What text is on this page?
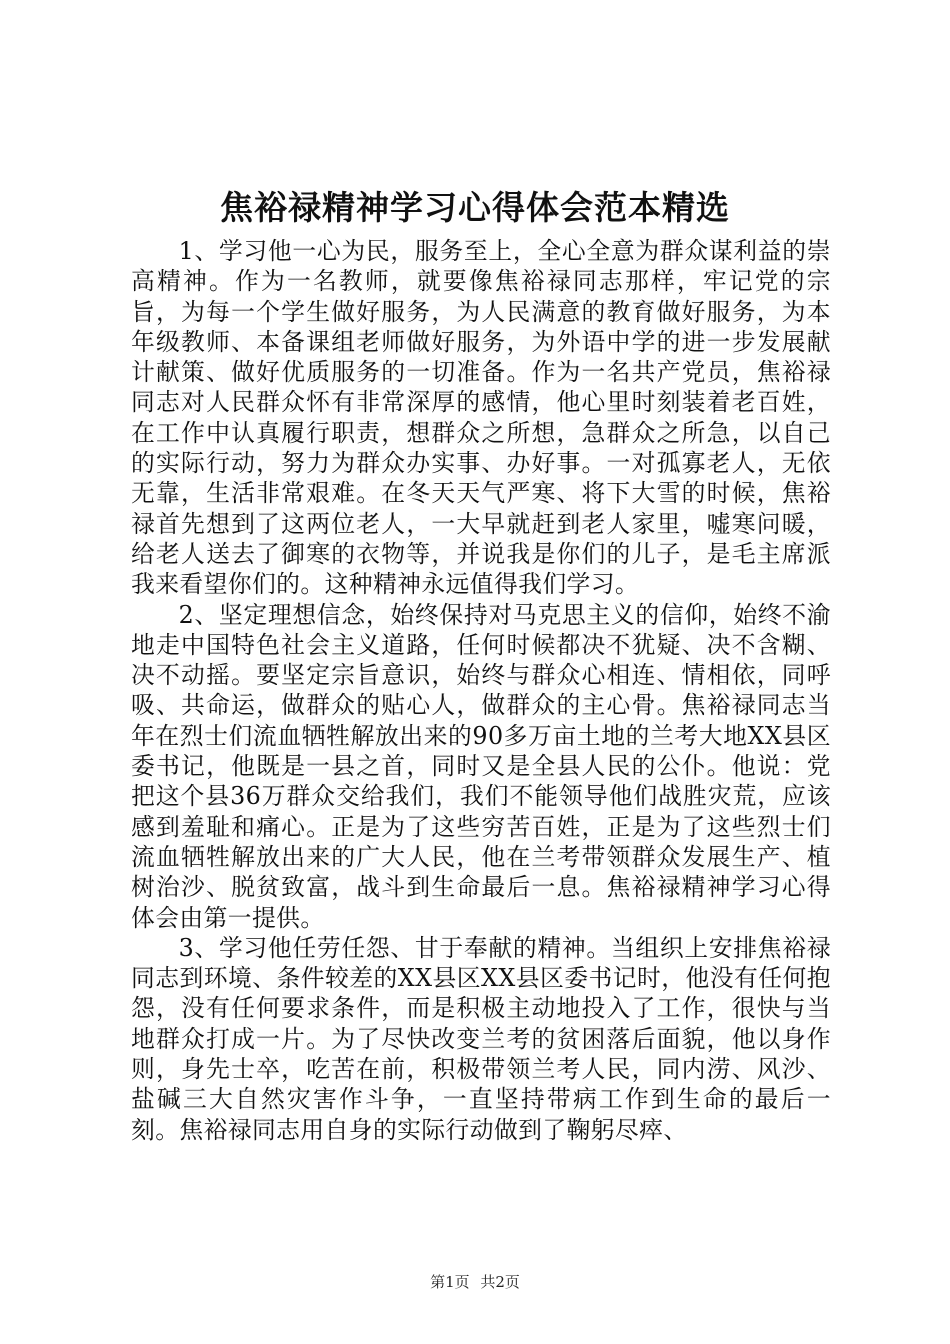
焦裕禄精神学习心得体会范本精选

1、学习他一心为民，服务至上，全心全意为群众谋利益的崇高精神。作为一名教师，就要像焦裕禄同志那样，牢记党的宗旨，为每一个学生做好服务，为人民满意的教育做好服务，为本年级教师、本备课组老师做好服务，为外语中学的进一步发展献计献策、做好优质服务的一切准备。作为一名共产党员，焦裕禄同志对人民群众怀有非常深厚的感情，他心里时刻装着老百姓，在工作中认真履行职责，想群众之所想，急群众之所急，以自己的实际行动，努力为群众办实事、办好事。一对孤寡老人，无依无靠，生活非常艰难。在冬天天气严寒、将下大雪的时候，焦裕禄首先想到了这两位老人，一大早就赶到老人家里，嘘寒问暖，给老人送去了御寒的衣物等，并说我是你们的儿子，是毛主席派我来看望你们的。这种精神永远值得我们学习。

2、坚定理想信念，始终保持对马克思主义的信仰，始终不渝地走中国特色社会主义道路，任何时候都决不犹疑、决不含糊、决不动摇。要坚定宗旨意识，始终与群众心相连、情相依，同呼吸、共命运，做群众的贴心人，做群众的主心骨。焦裕禄同志当年在烈士们流血牺牲解放出来的90多万亩土地的兰考大地XX县区委书记，他既是一县之首，同时又是全县人民的公仆。他说：党把这个县36万群众交给我们，我们不能领导他们战胜灾荒，应该感到羞耻和痛心。正是为了这些穷苦百姓，正是为了这些烈士们流血牺牲解放出来的广大人民，他在兰考带领群众发展生产、植树治沙、脱贫致富，战斗到生命最后一息。焦裕禄精神学习心得体会由第一提供。

3、学习他任劳任怨、甘于奉献的精神。当组织上安排焦裕禄同志到环境、条件较差的XX县区XX县区委书记时，他没有任何抱怨，没有任何要求条件，而是积极主动地投入了工作，很快与当地群众打成一片。为了尽快改变兰考的贫困落后面貌，他以身作则，身先士卒，吃苦在前，积极带领兰考人民，同内涝、风沙、盐碱三大自然灾害作斗争，一直坚持带病工作到生命的最后一刻。焦裕禄同志用自身的实际行动做到了鞠躬尽瘁、

第1页 共2页
